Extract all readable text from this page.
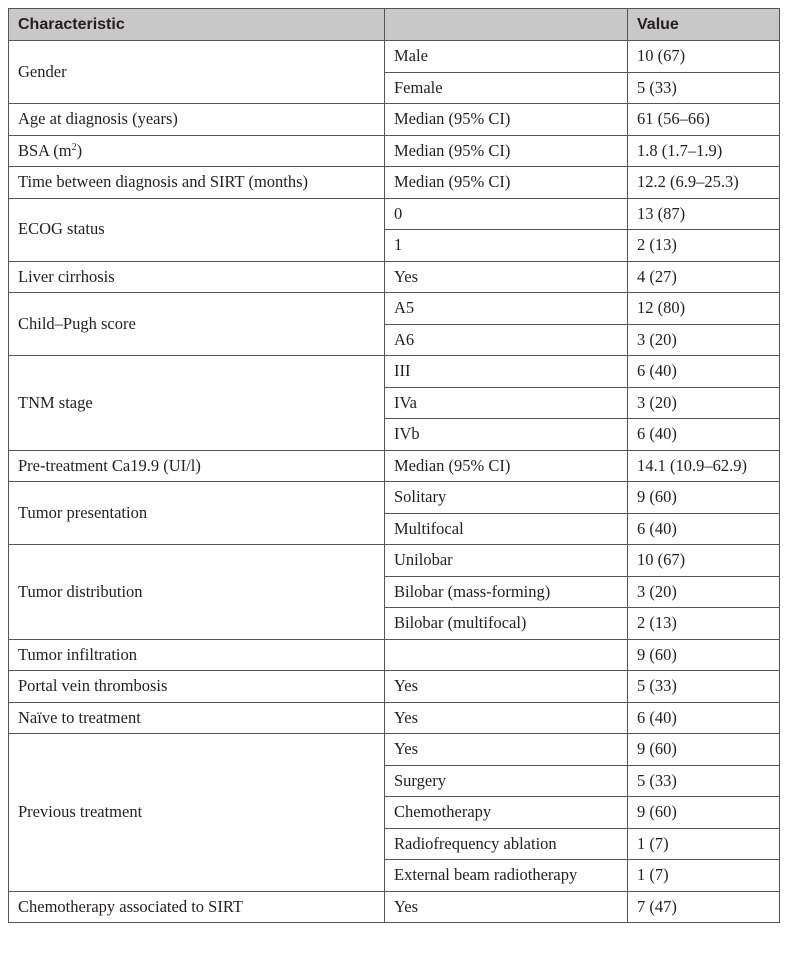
Characteristic		Value
Gender	Male	10 (67)
	Female	5 (33)
Age at diagnosis (years)	Median (95% CI)	61 (56–66)
BSA $(m^2)$	Median (95% CI)	1.8 (1.7–1.9)
Time between diagnosis and SIRT (months)	Median (95% CI)	12.2 (6.9–25.3)
ECOG status	0	13 (87)
	1	2 (13)
Liver cirrhosis	Yes	4 (27)
Child–Pugh score	A5	12 (80)
	A6	3 (20)
TNM stage	III	6 (40)
	IVa	3 (20)
	IVb	6 (40)
Pre-treatment Ca19.9 (UI/l)	Median (95% CI)	14.1 (10.9–62.9)
Tumor presentation	Solitary	9 (60)
	Multifocal	6 (40)
Tumor distribution	Unilobar	10 (67)
	Bilobar (mass-forming)	3 (20)
	Bilobar (multifocal)	2 (13)
Tumor infiltration		9 (60)
Portal vein thrombosis	Yes	5 (33)
Naïve to treatment	Yes	6 (40)
Previous treatment	Yes	9 (60)
	Surgery	5 (33)
	Chemotherapy	9 (60)
	Radiofrequency ablation	1 (7)
	External beam radiotherapy	1 (7)
Chemotherapy associated to SIRT	Yes	7 (47)
